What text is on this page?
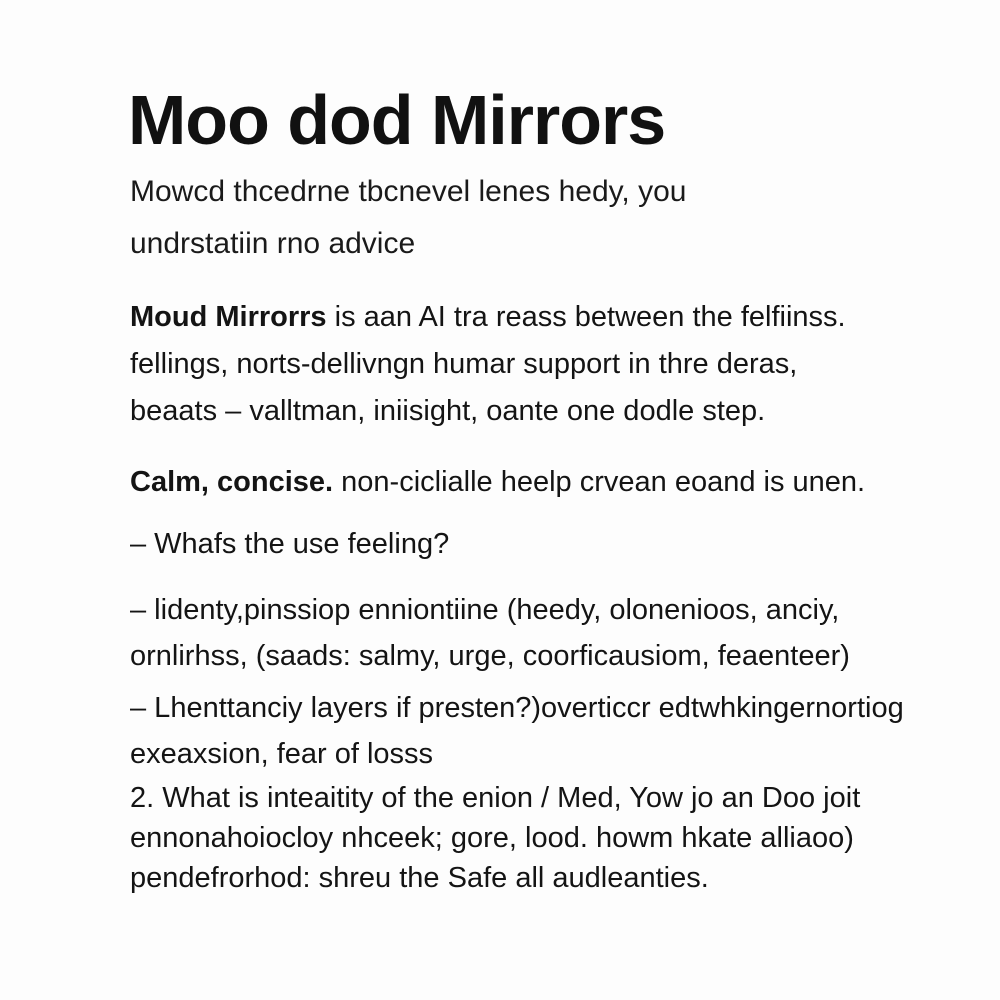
Moo dod Mirrors
Mowcd thcedrne tbcnevel lenes hedy, you
undrstatiin rno advice
Moud Mirrorrs is aan AI tra reass between the felfiinss.
fellings, norts-dellivngn humar support in thre deras,
beaats – valltman, iniisight, oante one dodle step.
Calm, concise. non-ciclialle heelp crvean eoand is unen.
– Whafs the use feeling?
– lidenty,pinssiop enniontiine (heedy, olonenioos, anciy,
ornlirhss, (saads: salmy, urge, coorficausiom, feaenteer)
– Lhenttanciy layers if presten?)overticcr edtwhkingernortiog
exeaxsion, fear of losss
2. What is inteaitity of the enion / Med, Yow jo an Doo joit
ennonahoiocloy nhceek; gore, lood. howm hkate alliaoo)
pendefrorhod: shreu the Safe all audleanties.
